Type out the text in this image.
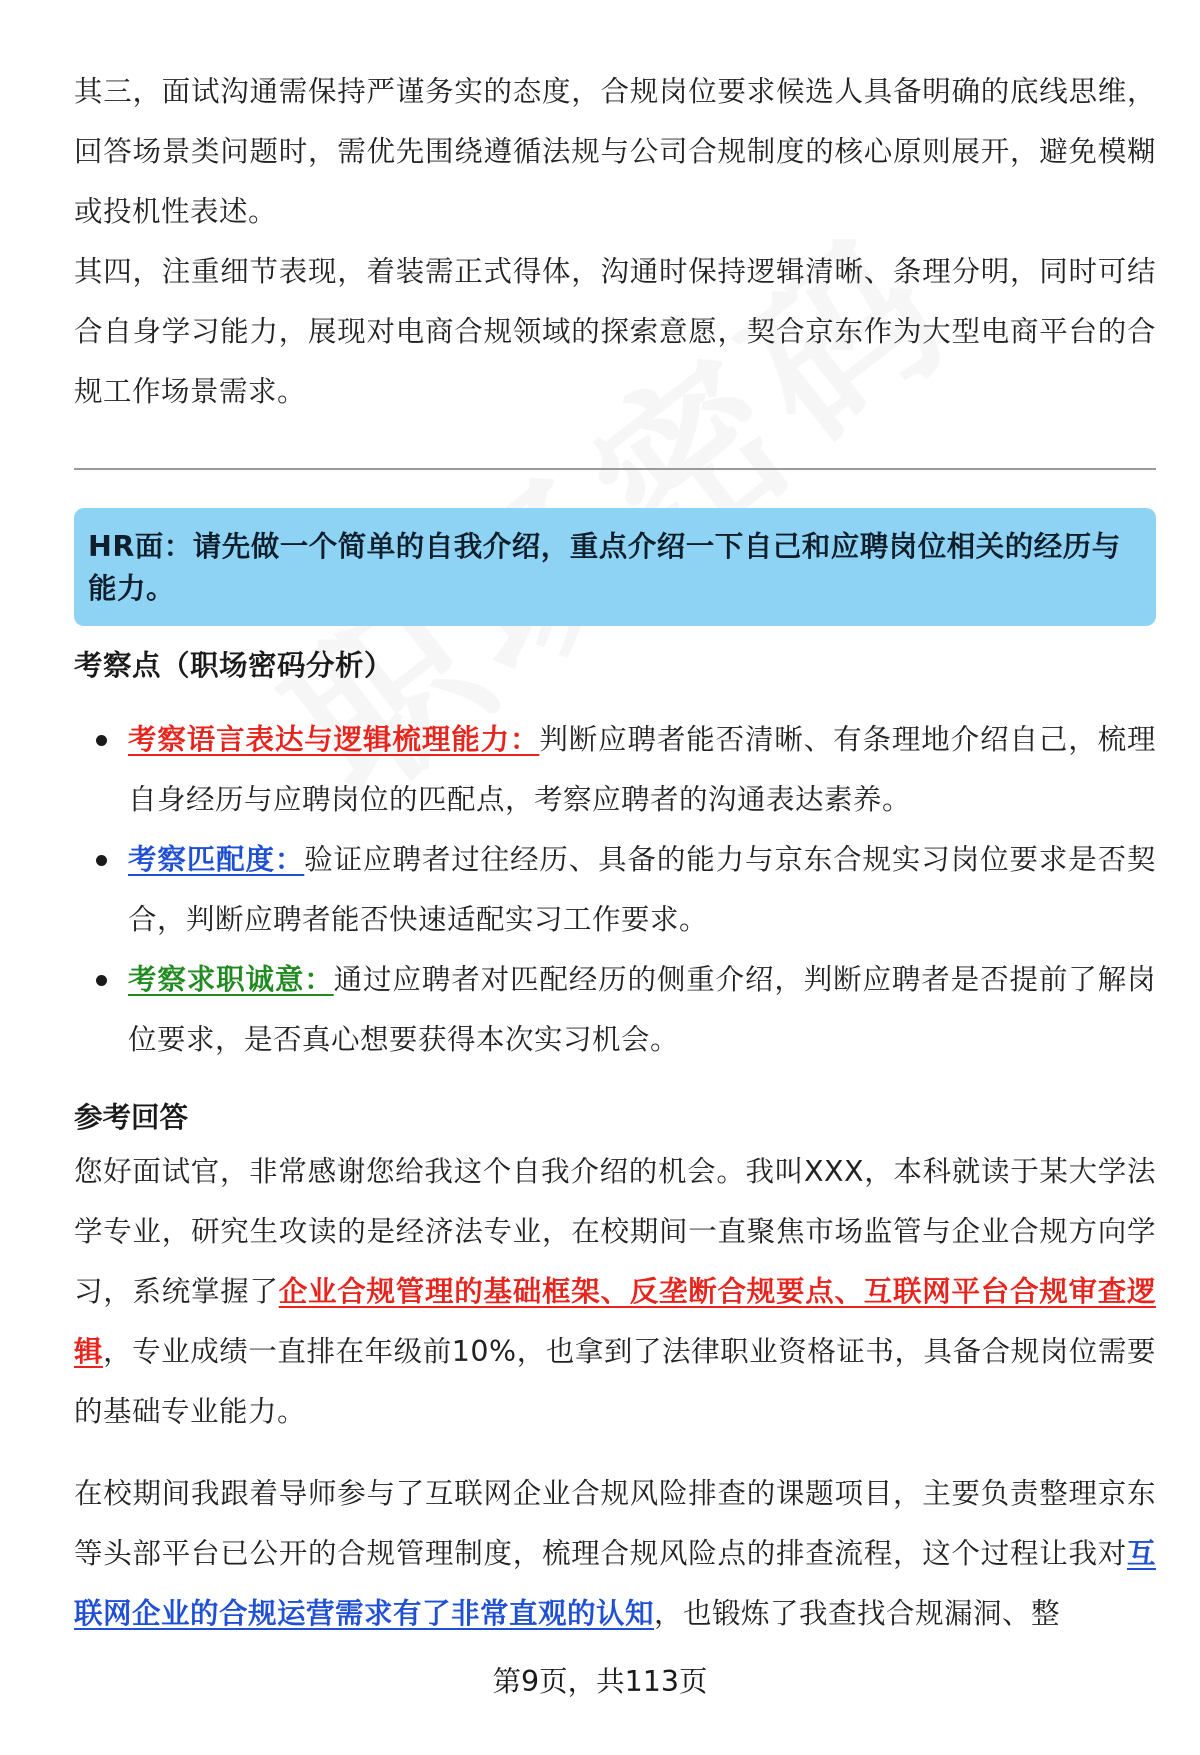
其三，面试沟通需保持严谨务实的态度，合规岗位要求候选人具备明确的底线思维，回答场景类问题时，需优先围绕遵循法规与公司合规制度的核心原则展开，避免模糊或投机性表述。

其四，注重细节表现，着装需正式得体，沟通时保持逻辑清晰、条理分明，同时可结合自身学习能力，展现对电商合规领域的探索意愿，契合京东作为大型电商平台的合规工作场景需求。

HR面：请先做一个简单的自我介绍，重点介绍一下自己和应聘岗位相关的经历与能力。
考察点（职场密码分析）
考察语言表达与逻辑梳理能力：判断应聘者能否清晰、有条理地介绍自己，梳理自身经历与应聘岗位的匹配点，考察应聘者的沟通表达素养。
考察匹配度：验证应聘者过往经历、具备的能力与京东合规实习岗位要求是否契合，判断应聘者能否快速适配实习工作要求。
考察求职诚意：通过应聘者对匹配经历的侧重介绍，判断应聘者是否提前了解岗位要求，是否真心想要获得本次实习机会。
参考回答

您好面试官，非常感谢您给我这个自我介绍的机会。我叫XXX，本科就读于某大学法学专业，研究生攻读的是经济法专业，在校期间一直聚焦市场监管与企业合规方向学习，系统掌握了企业合规管理的基础框架、反垄断合规要点、互联网平台合规审查逻辑，专业成绩一直排在年级前10%，也拿到了法律职业资格证书，具备合规岗位需要的基础专业能力。

在校期间我跟着导师参与了互联网企业合规风险排查的课题项目，主要负责整理京东等头部平台已公开的合规管理制度，梳理合规风险点的排查流程，这个过程让我对互联网企业的合规运营需求有了非常直观的认知，也锻炼了我查找合规漏洞、整

第9页，共113页
